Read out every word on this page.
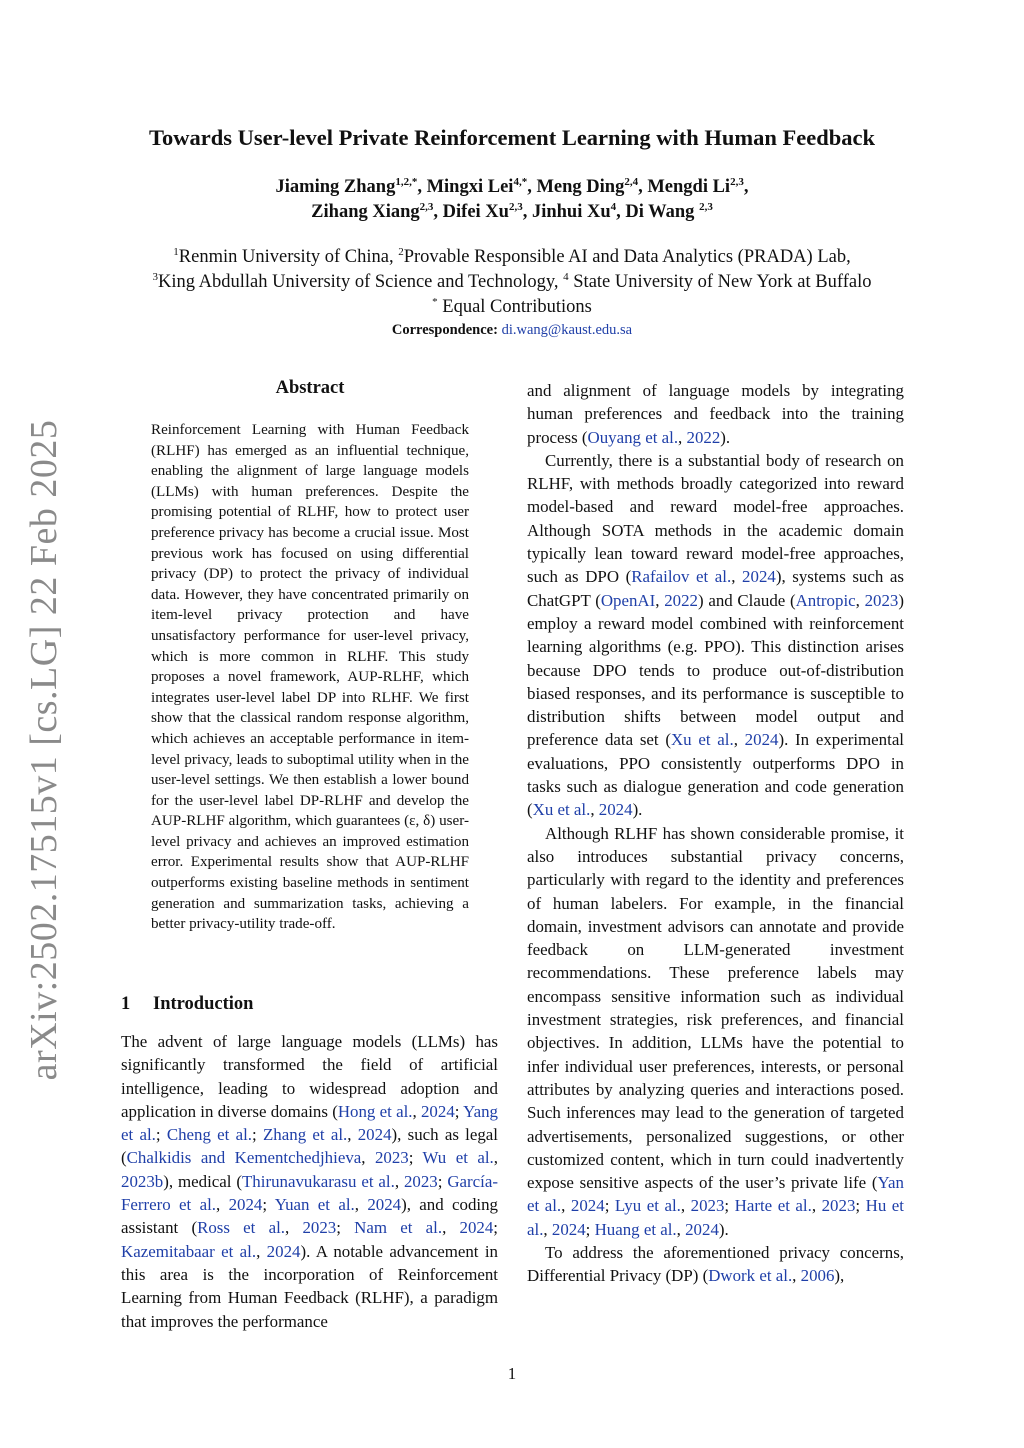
arXiv:2502.17515v1 [cs.LG] 22 Feb 2025
Towards User-level Private Reinforcement Learning with Human Feedback
Jiaming Zhang$^{1,2,*}$, Mingxi Lei$^{4,*}$, Meng Ding$^{2,4}$, Mengdi Li$^{2,3}$,
Zihang Xiang$^{2,3}$, Difei Xu$^{2,3}$, Jinhui Xu$^4$, Di Wang $^{2,3}$
$^1$Renmin University of China, $^2$Provable Responsible AI and Data Analytics (PRADA) Lab,
$^3$King Abdullah University of Science and Technology, $^4$ State University of New York at Buffalo
* Equal Contributions
Correspondence: di.wang@kaust.edu.sa
Abstract
Reinforcement Learning with Human Feedback (RLHF) has emerged as an influential technique, enabling the alignment of large language models (LLMs) with human preferences. Despite the promising potential of RLHF, how to protect user preference privacy has become a crucial issue. Most previous work has focused on using differential privacy (DP) to protect the privacy of individual data. However, they have concentrated primarily on item-level privacy protection and have unsatisfactory performance for user-level privacy, which is more common in RLHF. This study proposes a novel framework, AUP-RLHF, which integrates user-level label DP into RLHF. We first show that the classical random response algorithm, which achieves an acceptable performance in item-level privacy, leads to suboptimal utility when in the user-level settings. We then establish a lower bound for the user-level label DP-RLHF and develop the AUP-RLHF algorithm, which guarantees (ε, δ) user-level privacy and achieves an improved estimation error. Experimental results show that AUP-RLHF outperforms existing baseline methods in sentiment generation and summarization tasks, achieving a better privacy-utility trade-off.
1 Introduction

The advent of large language models (LLMs) has significantly transformed the field of artificial intelligence, leading to widespread adoption and application in diverse domains (Hong et al., 2024; Yang et al.; Cheng et al.; Zhang et al., 2024), such as legal (Chalkidis and Kementchedjhieva, 2023; Wu et al., 2023b), medical (Thirunavukarasu et al., 2023; García-Ferrero et al., 2024; Yuan et al., 2024), and coding assistant (Ross et al., 2023; Nam et al., 2024; Kazemitabaar et al., 2024). A notable advancement in this area is the incorporation of Reinforcement Learning from Human Feedback (RLHF), a paradigm that improves the performance

and alignment of language models by integrating human preferences and feedback into the training process (Ouyang et al., 2022).

Currently, there is a substantial body of research on RLHF, with methods broadly categorized into reward model-based and reward model-free approaches. Although SOTA methods in the academic domain typically lean toward reward model-free approaches, such as DPO (Rafailov et al., 2024), systems such as ChatGPT (OpenAI, 2022) and Claude (Antropic, 2023) employ a reward model combined with reinforcement learning algorithms (e.g. PPO). This distinction arises because DPO tends to produce out-of-distribution biased responses, and its performance is susceptible to distribution shifts between model output and preference data set (Xu et al., 2024). In experimental evaluations, PPO consistently outperforms DPO in tasks such as dialogue generation and code generation (Xu et al., 2024).

Although RLHF has shown considerable promise, it also introduces substantial privacy concerns, particularly with regard to the identity and preferences of human labelers. For example, in the financial domain, investment advisors can annotate and provide feedback on LLM-generated investment recommendations. These preference labels may encompass sensitive information such as individual investment strategies, risk preferences, and financial objectives. In addition, LLMs have the potential to infer individual user preferences, interests, or personal attributes by analyzing queries and interactions posed. Such inferences may lead to the generation of targeted advertisements, personalized suggestions, or other customized content, which in turn could inadvertently expose sensitive aspects of the user’s private life (Yan et al., 2024; Lyu et al., 2023; Harte et al., 2023; Hu et al., 2024; Huang et al., 2024).

To address the aforementioned privacy concerns, Differential Privacy (DP) (Dwork et al., 2006),

1
